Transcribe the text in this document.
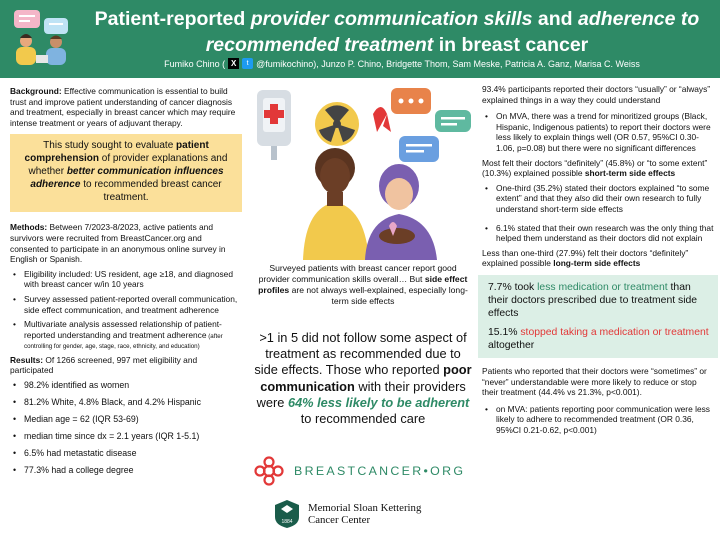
Patient-reported provider communication skills and adherence to recommended treatment in breast cancer
Fumiko Chino ( X	t @fumikochino), Junzo P. Chino, Bridgette Thom, Sam Meske, Patricia A. Ganz, Marisa C. Weiss

Background: Effective communication is essential to build trust and improve patient understanding of cancer diagnosis and treatment, especially in breast cancer which may require intense treatment or years of adjuvant therapy.

This study sought to evaluate patient comprehension of provider explanations and whether better communication influences adherence to recommended breast cancer treatment.

Methods: Between 7/2023-8/2023, active patients and survivors were recruited from BreastCancer.org and consented to participate in an anonymous online survey in English or Spanish.

• Eligibility included: US resident, age ≥18, and diagnosed with breast cancer w/in 10 years
• Survey assessed patient-reported overall communication, side effect communication, and treatment adherence
• Multivariate analysis assessed relationship of patient-reported understanding and treatment adherence (after controlling for gender, age, stage, race, ethnicity, and education)

Results: Of 1266 screened, 997 met eligibility and participated

• 98.2% identified as women
• 81.2% White, 4.8% Black, and 4.2% Hispanic
• Median age = 62 (IQR 53-69)
• median time since dx = 2.1 years (IQR 1-5.1)
• 6.5% had metastatic disease
• 77.3% had a college degree
Surveyed patients with breast cancer report good provider communication skills overall… But side effect profiles are not always well-explained, especially long-term side effects
>1 in 5 did not follow some aspect of treatment as recommended due to side effects. Those who reported poor communication with their providers were 64% less likely to be adherent to recommended care
BREASTCANCER•ORG
1884
Memorial Sloan Kettering
Cancer Center

93.4% participants reported their doctors “usually” or “always” explained things in a way they could understand

• On MVA, there was a trend for minoritized groups (Black, Hispanic, Indigenous patients) to report their doctors were less likely to explain things well (OR 0.57, 95%CI 0.30-1.06, p=0.08) but there were no significant differences

Most felt their doctors “definitely” (45.8%) or “to some extent” (10.3%) explained possible short-term side effects

• One-third (35.2%) stated their doctors explained “to some extent” and that they also did their own research to fully understand short-term side effects
• 6.1% stated that their own research was the only thing that helped them understand as their doctors did not explain

Less than one-third (27.9%) felt their doctors “definitely” explained possible long-term side effects

7.7% took less medication or treatment than their doctors prescribed due to treatment side effects

15.1% stopped taking a medication or treatment altogether

Patients who reported that their doctors were “sometimes” or “never” understandable were more likely to reduce or stop their treatment (44.4% vs 21.3%, p<0.001).

• on MVA: patients reporting poor communication were less likely to adhere to recommended treatment (OR 0.36, 95%CI 0.21-0.62, p<0.001)
